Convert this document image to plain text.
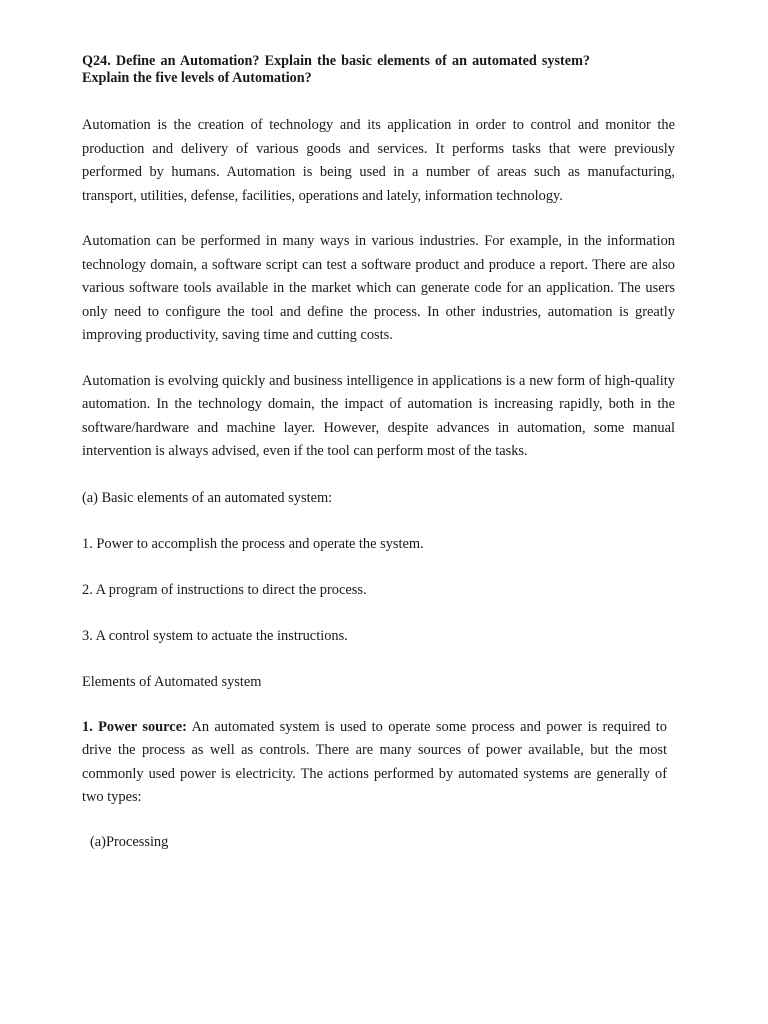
Q24. Define an Automation? Explain the basic elements of an automated system? Explain the five levels of Automation?

Automation is the creation of technology and its application in order to control and monitor the production and delivery of various goods and services. It performs tasks that were previously performed by humans. Automation is being used in a number of areas such as manufacturing, transport, utilities, defense, facilities, operations and lately, information technology.

Automation can be performed in many ways in various industries. For example, in the information technology domain, a software script can test a software product and produce a report. There are also various software tools available in the market which can generate code for an application. The users only need to configure the tool and define the process. In other industries, automation is greatly improving productivity, saving time and cutting costs.

Automation is evolving quickly and business intelligence in applications is a new form of high-quality automation. In the technology domain, the impact of automation is increasing rapidly, both in the software/hardware and machine layer. However, despite advances in automation, some manual intervention is always advised, even if the tool can perform most of the tasks.

(a) Basic elements of an automated system:

1. Power to accomplish the process and operate the system.

2. A program of instructions to direct the process.

3. A control system to actuate the instructions.

Elements of Automated system

1. Power source: An automated system is used to operate some process and power is required to drive the process as well as controls. There are many sources of power available, but the most commonly used power is electricity. The actions performed by automated systems are generally of two types:

(a)Processing
